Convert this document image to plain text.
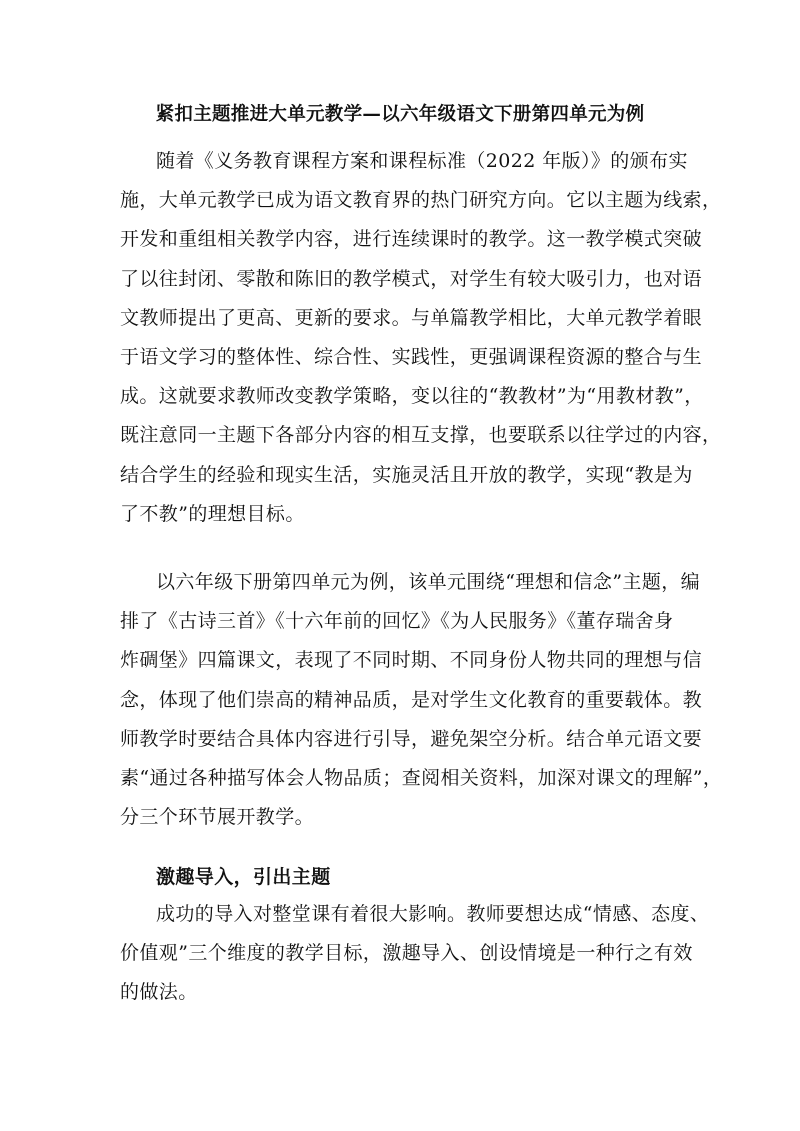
紧扣主题推进大单元教学—以六年级语文下册第四单元为例
随着《义务教育课程方案和课程标准（2022 年版）》的颁布实
施，大单元教学已成为语文教育界的热门研究方向。它以主题为线索，
开发和重组相关教学内容，进行连续课时的教学。这一教学模式突破
了以往封闭、零散和陈旧的教学模式，对学生有较大吸引力，也对语
文教师提出了更高、更新的要求。与单篇教学相比，大单元教学着眼
于语文学习的整体性、综合性、实践性，更强调课程资源的整合与生
成。这就要求教师改变教学策略，变以往的“教教材”为“用教材教”，
既注意同一主题下各部分内容的相互支撑，也要联系以往学过的内容，
结合学生的经验和现实生活，实施灵活且开放的教学，实现“教是为
了不教”的理想目标。
以六年级下册第四单元为例，该单元围绕“理想和信念”主题，编
排了《古诗三首》《十六年前的回忆》《为人民服务》《董存瑞舍身
炸碉堡》四篇课文，表现了不同时期、不同身份人物共同的理想与信
念，体现了他们崇高的精神品质，是对学生文化教育的重要载体。教
师教学时要结合具体内容进行引导，避免架空分析。结合单元语文要
素“通过各种描写体会人物品质；查阅相关资料，加深对课文的理解”，
分三个环节展开教学。
激趣导入，引出主题
成功的导入对整堂课有着很大影响。教师要想达成“情感、态度、
价值观”三个维度的教学目标，激趣导入、创设情境是一种行之有效
的做法。
